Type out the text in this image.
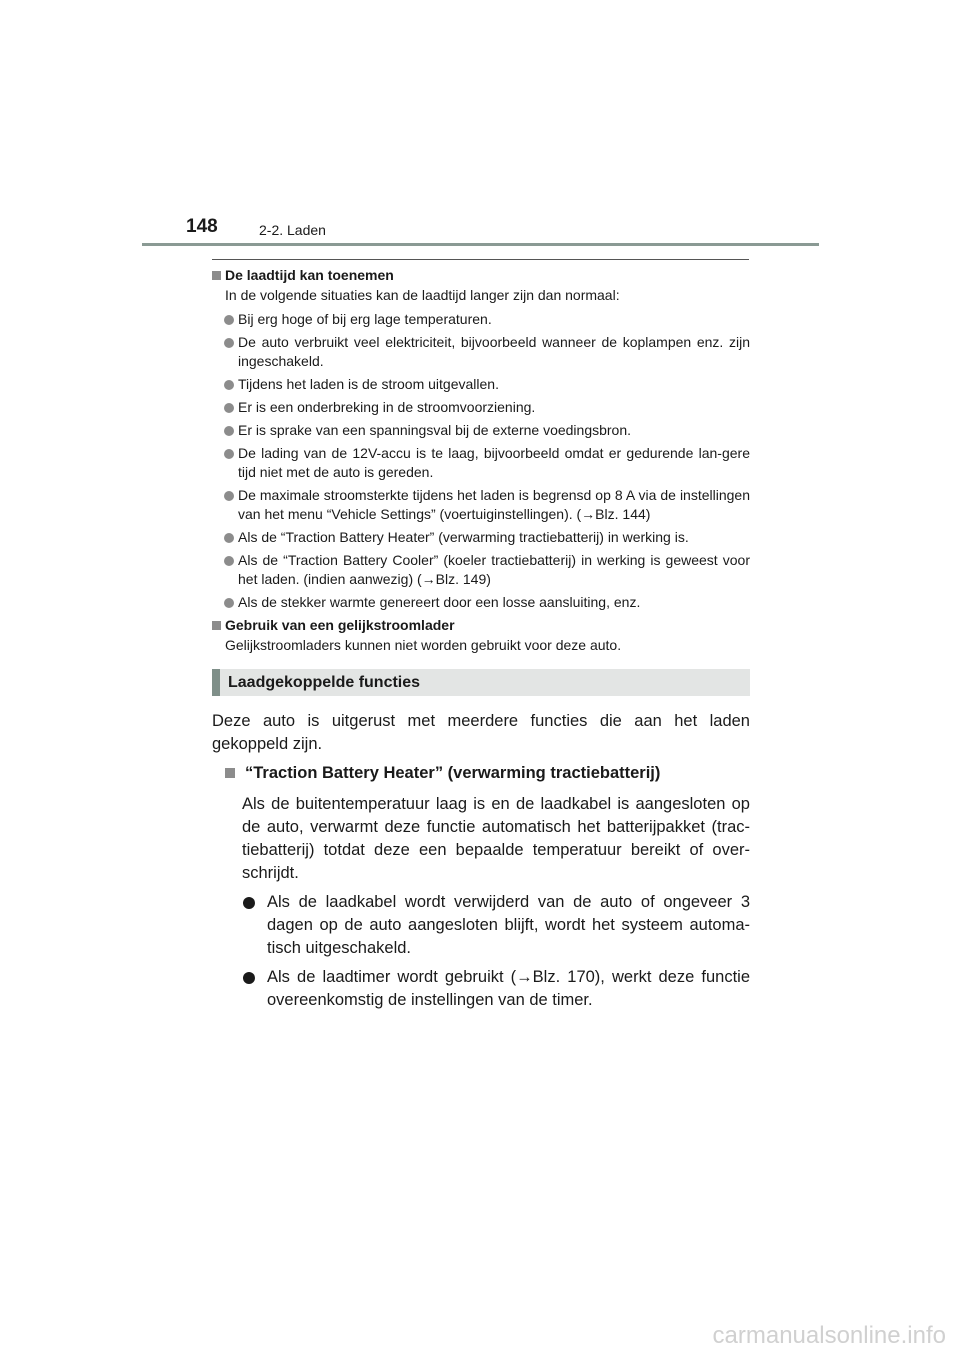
148	2-2. Laden
De laadtijd kan toenemen
In de volgende situaties kan de laadtijd langer zijn dan normaal:
Bij erg hoge of bij erg lage temperaturen.
De auto verbruikt veel elektriciteit, bijvoorbeeld wanneer de koplampen enz. zijn ingeschakeld.
Tijdens het laden is de stroom uitgevallen.
Er is een onderbreking in de stroomvoorziening.
Er is sprake van een spanningsval bij de externe voedingsbron.
De lading van de 12V-accu is te laag, bijvoorbeeld omdat er gedurende lan-gere tijd niet met de auto is gereden.
De maximale stroomsterkte tijdens het laden is begrensd op 8 A via de instellingen van het menu “Vehicle Settings” (voertuiginstellingen). (→Blz. 144)
Als de “Traction Battery Heater” (verwarming tractiebatterij) in werking is.
Als de “Traction Battery Cooler” (koeler tractiebatterij) in werking is geweest voor het laden. (indien aanwezig) (→Blz. 149)
Als de stekker warmte genereert door een losse aansluiting, enz.
Gebruik van een gelijkstroomlader
Gelijkstroomladers kunnen niet worden gebruikt voor deze auto.
Laadgekoppelde functies
Deze auto is uitgerust met meerdere functies die aan het laden gekoppeld zijn.
“Traction Battery Heater” (verwarming tractiebatterij)
Als de buitentemperatuur laag is en de laadkabel is aangesloten op de auto, verwarmt deze functie automatisch het batterijpakket (trac-tiebatterij) totdat deze een bepaalde temperatuur bereikt of over-schrijdt.
Als de laadkabel wordt verwijderd van de auto of ongeveer 3 dagen op de auto aangesloten blijft, wordt het systeem automa-tisch uitgeschakeld.
Als de laadtimer wordt gebruikt (→Blz. 170), werkt deze functie overeenkomstig de instellingen van de timer.
carmanualsonline.info
